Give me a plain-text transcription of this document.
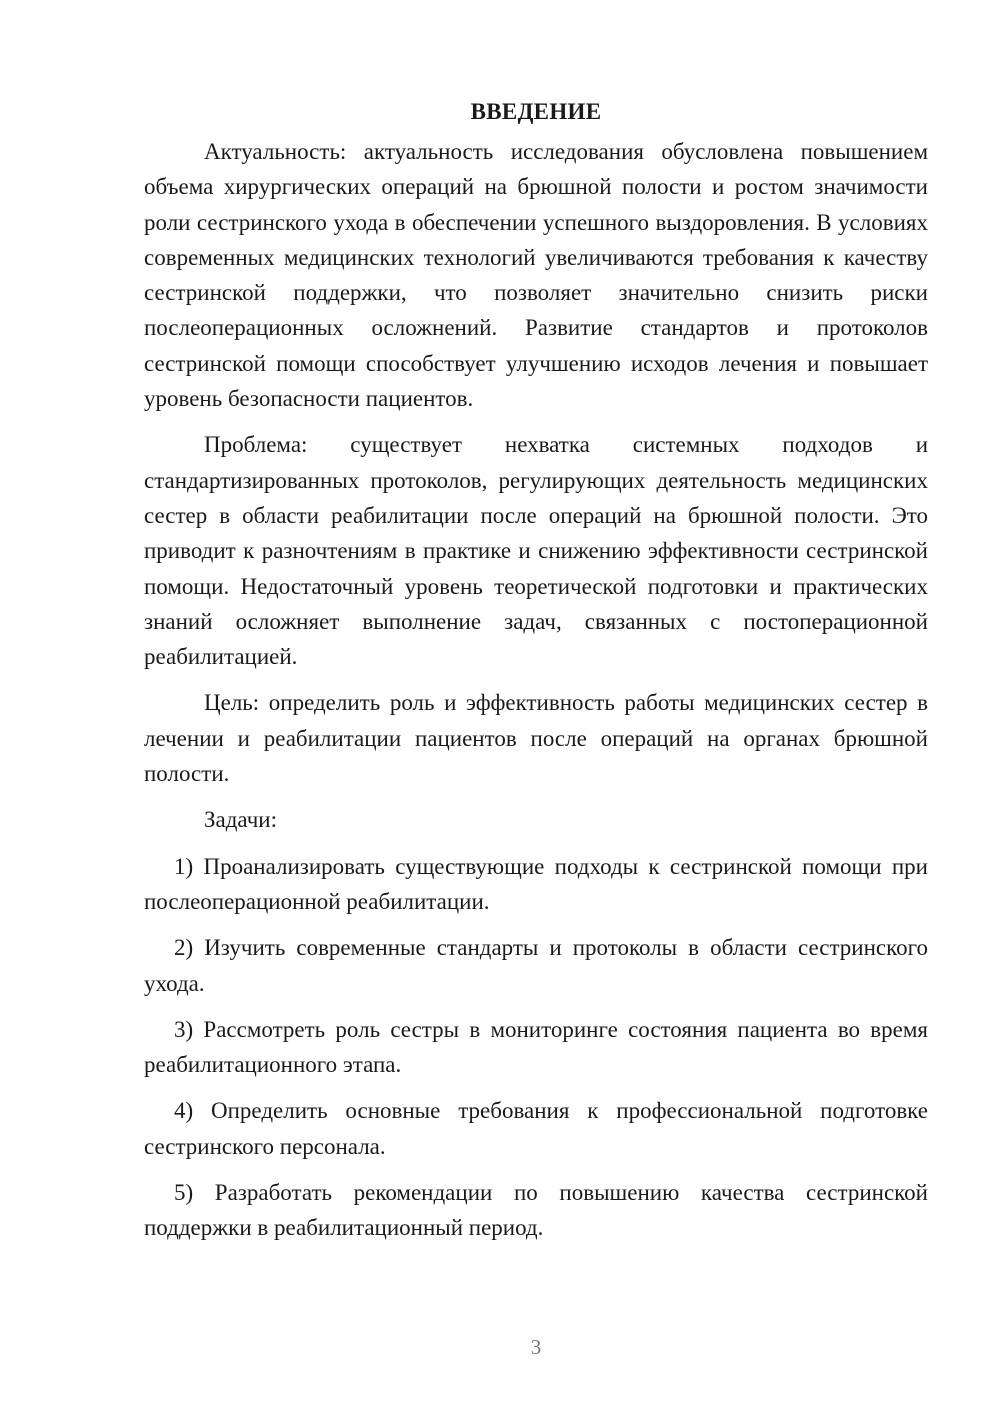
ВВЕДЕНИЕ

Актуальность: актуальность исследования обусловлена повышением объема хирургических операций на брюшной полости и ростом значимости роли сестринского ухода в обеспечении успешного выздоровления. В условиях современных медицинских технологий увеличиваются требования к качеству сестринской поддержки, что позволяет значительно снизить риски послеоперационных осложнений. Развитие стандартов и протоколов сестринской помощи способствует улучшению исходов лечения и повышает уровень безопасности пациентов.

Проблема: существует нехватка системных подходов и стандартизированных протоколов, регулирующих деятельность медицинских сестер в области реабилитации после операций на брюшной полости. Это приводит к разночтениям в практике и снижению эффективности сестринской помощи. Недостаточный уровень теоретической подготовки и практических знаний осложняет выполнение задач, связанных с постоперационной реабилитацией.

Цель: определить роль и эффективность работы медицинских сестер в лечении и реабилитации пациентов после операций на органах брюшной полости.

Задачи:

1) Проанализировать существующие подходы к сестринской помощи при послеоперационной реабилитации.

2) Изучить современные стандарты и протоколы в области сестринского ухода.

3) Рассмотреть роль сестры в мониторинге состояния пациента во время реабилитационного этапа.

4) Определить основные требования к профессиональной подготовке сестринского персонала.

5) Разработать рекомендации по повышению качества сестринской поддержки в реабилитационный период.

3
